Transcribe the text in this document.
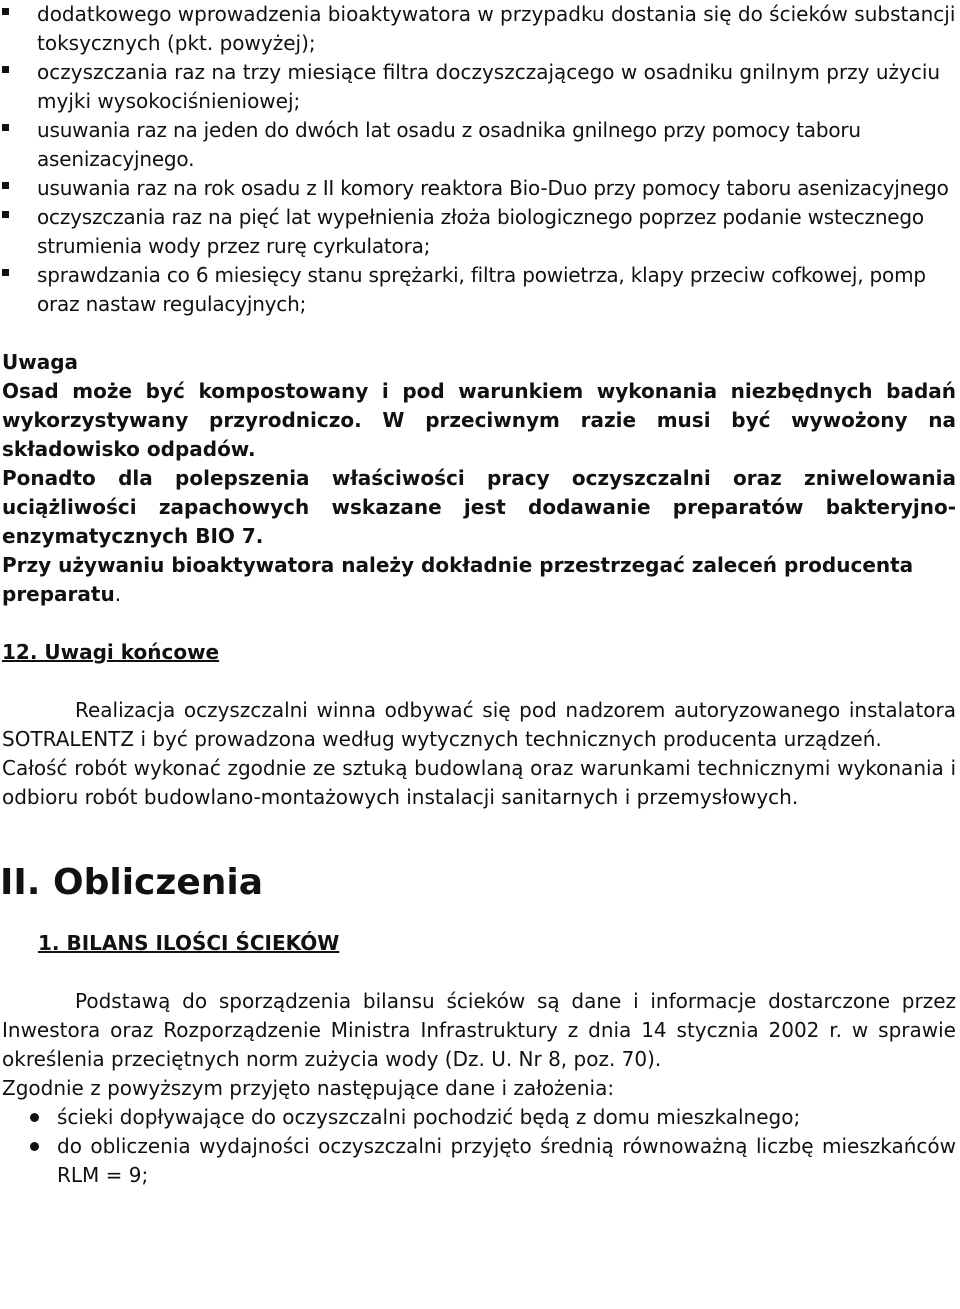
dodatkowego wprowadzenia bioaktywatora w przypadku dostania się do ścieków substancji toksycznych (pkt. powyżej);
oczyszczania raz na trzy miesiące filtra doczyszczającego w osadniku gnilnym przy użyciu myjki wysokociśnieniowej;
usuwania raz na jeden do dwóch lat osadu z osadnika gnilnego przy pomocy taboru asenizacyjnego.
usuwania raz na rok osadu z II komory reaktora Bio-Duo przy pomocy taboru asenizacyjnego
oczyszczania raz na pięć lat wypełnienia złoża biologicznego poprzez podanie wstecznego strumienia wody przez rurę cyrkulatora;
sprawdzania co 6 miesięcy stanu sprężarki, filtra powietrza, klapy przeciw cofkowej, pomp oraz nastaw regulacyjnych;
Uwaga
Osad może być kompostowany i pod warunkiem wykonania niezbędnych badań wykorzystywany przyrodniczo. W przeciwnym razie musi być wywożony na składowisko odpadów.
Ponadto dla polepszenia właściwości pracy oczyszczalni oraz zniwelowania uciążliwości zapachowych wskazane jest dodawanie preparatów bakteryjno-enzymatycznych BIO 7.
Przy używaniu bioaktywatora należy dokładnie przestrzegać zaleceń producenta preparatu.
12. Uwagi końcowe
Realizacja oczyszczalni winna odbywać się pod nadzorem autoryzowanego instalatora SOTRALENTZ i być prowadzona według wytycznych technicznych producenta urządzeń.
Całość robót wykonać zgodnie ze sztuką budowlaną oraz warunkami technicznymi wykonania i odbioru robót budowlano-montażowych instalacji sanitarnych i przemysłowych.
II. Obliczenia
1. BILANS ILOŚCI ŚCIEKÓW
Podstawą do sporządzenia bilansu ścieków są dane i informacje dostarczone przez Inwestora oraz Rozporządzenie Ministra Infrastruktury z dnia 14 stycznia 2002 r. w sprawie określenia przeciętnych norm zużycia wody (Dz. U. Nr 8, poz. 70).
Zgodnie z powyższym przyjęto następujące dane i założenia:
ścieki dopływające do oczyszczalni pochodzić będą z domu mieszkalnego;
do obliczenia wydajności oczyszczalni przyjęto średnią równoważną liczbę mieszkańców RLM = 9;
